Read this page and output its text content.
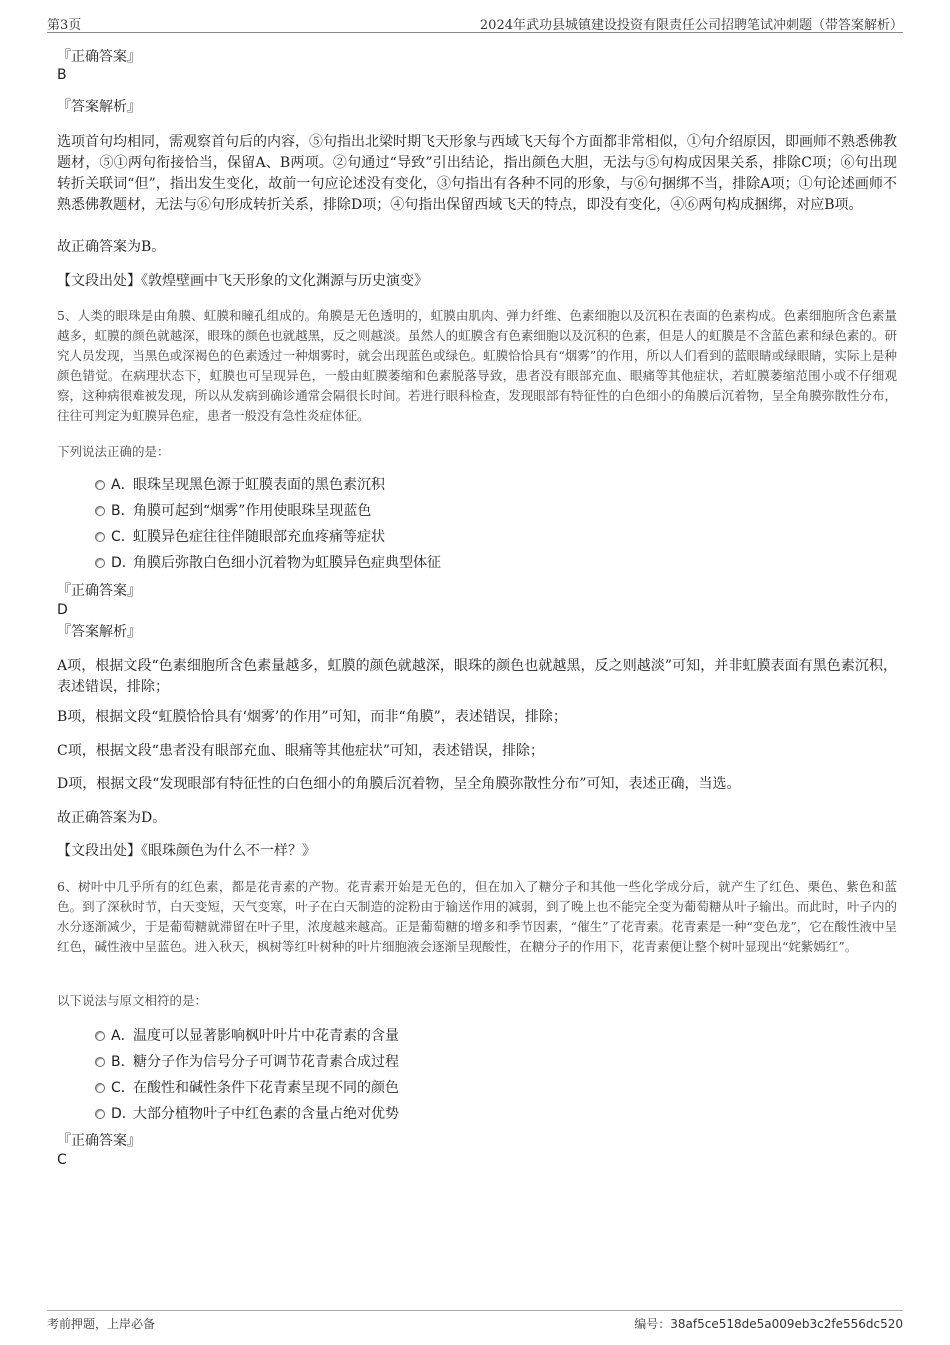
第3页	2024年武功县城镇建设投资有限责任公司招聘笔试冲刺题（带答案解析）
『正确答案』
B
『答案解析』
选项首句均相同，需观察首句后的内容，⑤句指出北梁时期飞天形象与西域飞天每个方面都非常相似，①句介绍原因，即画师不熟悉佛教题材，⑤①两句衔接恰当，保留A、B两项。②句通过“导致”引出结论，指出颜色大胆，无法与⑤句构成因果关系，排除C项；⑥句出现转折关联词“但”，指出发生变化，故前一句应论述没有变化，③句指出有各种不同的形象，与⑥句捆绑不当，排除A项；①句论述画师不熟悉佛教题材，无法与⑥句形成转折关系，排除D项；④句指出保留西域飞天的特点，即没有变化，④⑥两句构成捆绑，对应B项。
故正确答案为B。
【文段出处】《敦煌壁画中飞天形象的文化渊源与历史演变》
5、人类的眼珠是由角膜、虹膜和瞳孔组成的。角膜是无色透明的，虹膜由肌肉、弹力纤维、色素细胞以及沉积在表面的色素构成。色素细胞所含色素量越多，虹膜的颜色就越深，眼珠的颜色也就越黑，反之则越淡。虽然人的虹膜含有色素细胞以及沉积的色素，但是人的虹膜是不含蓝色素和绿色素的。研究人员发现，当黑色或深褐色的色素透过一种烟雾时，就会出现蓝色或绿色。虹膜恰恰具有“烟雾”的作用，所以人们看到的蓝眼睛或绿眼睛，实际上是种颜色错觉。在病理状态下，虹膜也可呈现异色，一般由虹膜萎缩和色素脱落导致，患者没有眼部充血、眼痛等其他症状，若虹膜萎缩范围小或不仔细观察，这种病很难被发现，所以从发病到确诊通常会隔很长时间。若进行眼科检查，发现眼部有特征性的白色细小的角膜后沉着物，呈全角膜弥散性分布，往往可判定为虹膜异色症，患者一般没有急性炎症体征。
下列说法正确的是：
A．眼珠呈现黑色源于虹膜表面的黑色素沉积
B．角膜可起到“烟雾”作用使眼珠呈现蓝色
C．虹膜异色症往往伴随眼部充血疼痛等症状
D．角膜后弥散白色细小沉着物为虹膜异色症典型体征
『正确答案』
D
『答案解析』
A项，根据文段“色素细胞所含色素量越多，虹膜的颜色就越深，眼珠的颜色也就越黑，反之则越淡”可知，并非虹膜表面有黑色素沉积，表述错误，排除；
B项，根据文段“虹膜恰恰具有‘烟雾’的作用”可知，而非“角膜”，表述错误，排除；
C项，根据文段“患者没有眼部充血、眼痛等其他症状”可知，表述错误，排除；
D项，根据文段“发现眼部有特征性的白色细小的角膜后沉着物，呈全角膜弥散性分布”可知，表述正确，当选。
故正确答案为D。
【文段出处】《眼珠颜色为什么不一样？》
6、树叶中几乎所有的红色素，都是花青素的产物。花青素开始是无色的，但在加入了糖分子和其他一些化学成分后，就产生了红色、栗色、紫色和蓝色。到了深秋时节，白天变短，天气变寒，叶子在白天制造的淀粉由于输送作用的减弱，到了晚上也不能完全变为葡萄糖从叶子输出。而此时，叶子内的水分逐渐减少，于是葡萄糖就滞留在叶子里，浓度越来越高。正是葡萄糖的增多和季节因素，“催生”了花青素。花青素是一种“变色龙”，它在酸性液中呈红色，碱性液中呈蓝色。进入秋天，枫树等红叶树种的叶片细胞液会逐渐呈现酸性，在糖分子的作用下，花青素便让整个树叶显现出“姹紫嫣红”。
以下说法与原文相符的是：
A．温度可以显著影响枫叶叶片中花青素的含量
B．糖分子作为信号分子可调节花青素合成过程
C．在酸性和碱性条件下花青素呈现不同的颜色
D．大部分植物叶子中红色素的含量占绝对优势
『正确答案』
C
考前押题，上岸必备	编号：38af5ce518de5a009eb3c2fe556dc520
